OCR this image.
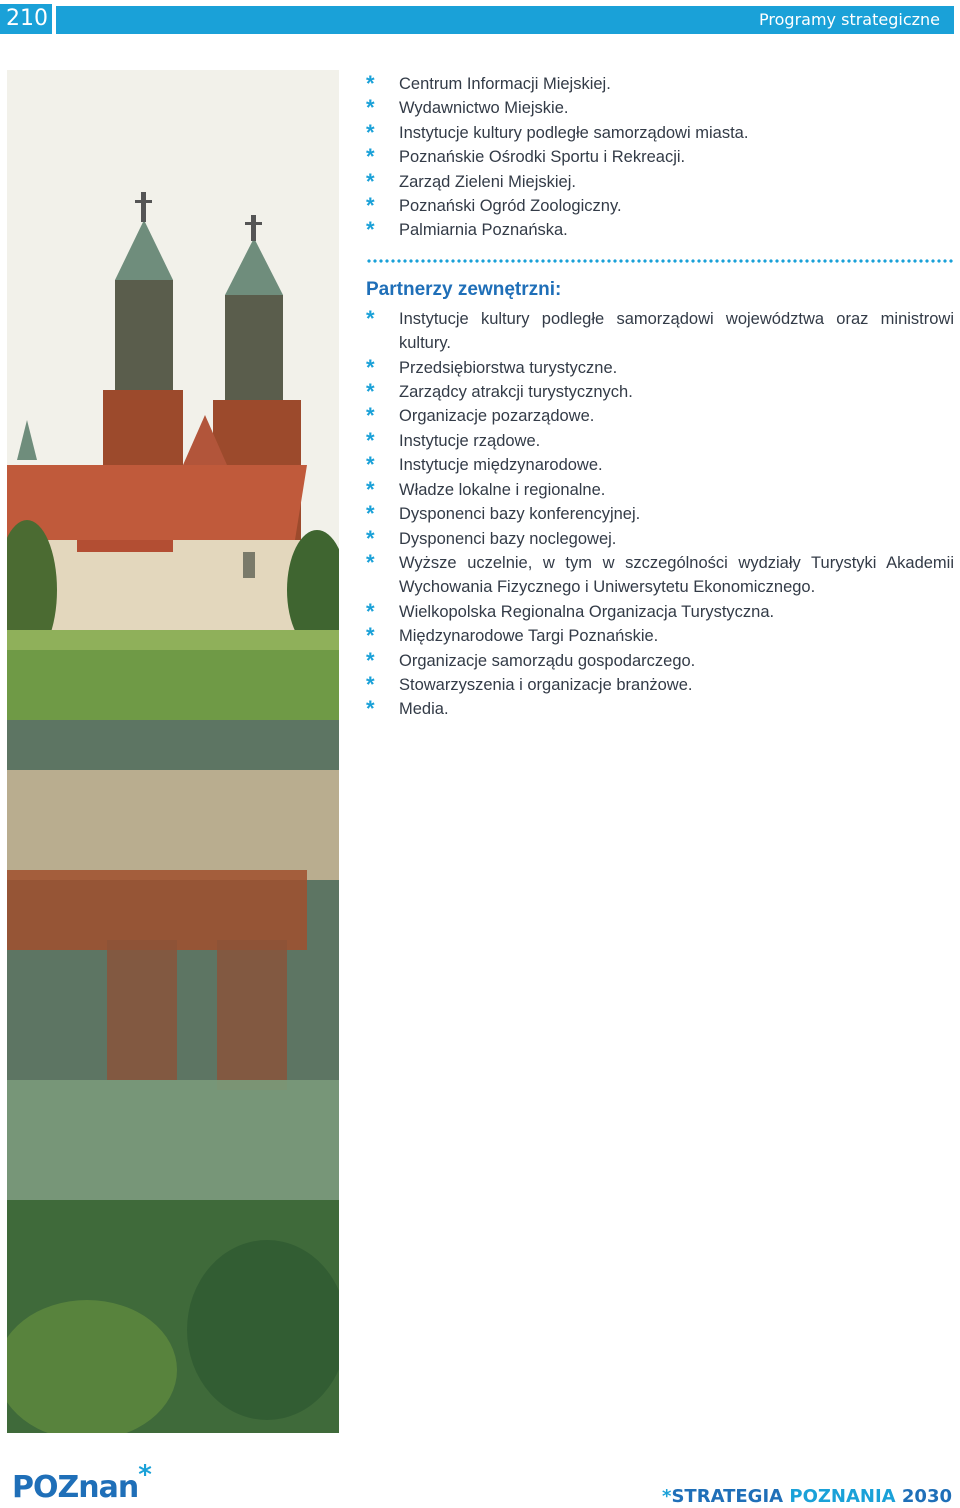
210	Programy strategiczne
* Centrum Informacji Miejskiej.
* Wydawnictwo Miejskie.
* Instytucje kultury podległe samorządowi miasta.
* Poznańskie Ośrodki Sportu i Rekreacji.
* Zarząd Zieleni Miejskiej.
* Poznański Ogród Zoologiczny.
* Palmiarnia Poznańska.
Partnerzy zewnętrzni:
* Instytucje kultury podległe samorządowi województwa oraz ministrowi kultury.
* Przedsiębiorstwa turystyczne.
* Zarządcy atrakcji turystycznych.
* Organizacje pozarządowe.
* Instytucje rządowe.
* Instytucje międzynarodowe.
* Władze lokalne i regionalne.
* Dysponenci bazy konferencyjnej.
* Dysponenci bazy noclegowej.
* Wyższe uczelnie, w tym w szczególności wydziały Turystyki Akademii Wychowania Fizycznego i Uniwersytetu Ekonomicznego.
* Wielkopolska Regionalna Organizacja Turystyczna.
* Międzynarodowe Targi Poznańskie.
* Organizacje samorządu gospodarczego.
* Stowarzyszenia i organizacje branżowe.
* Media.
POZnan*
*STRATEGIA POZNANIA 2030
